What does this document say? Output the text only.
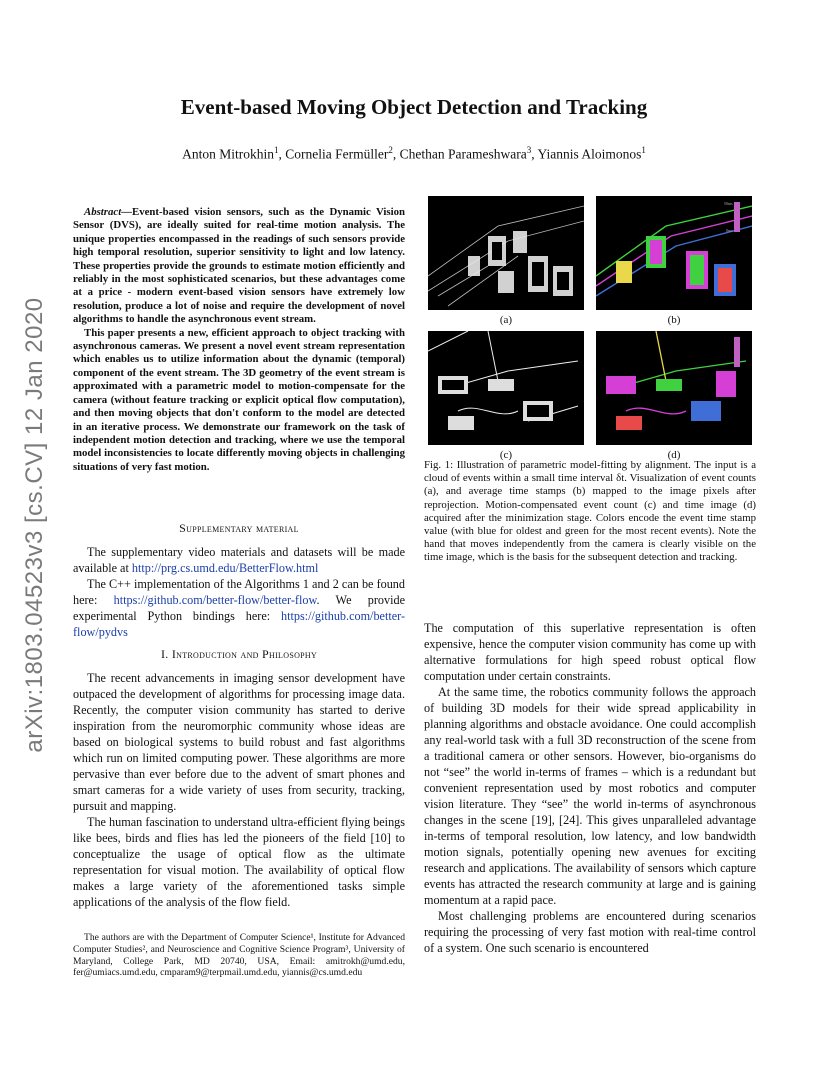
arXiv:1803.04523v3 [cs.CV] 12 Jan 2020
Event-based Moving Object Detection and Tracking
Anton Mitrokhin$^1$, Cornelia Fermüller$^2$, Chethan Parameshwara$^3$, Yiannis Aloimonos$^1$

Abstract—Event-based vision sensors, such as the Dynamic Vision Sensor (DVS), are ideally suited for real-time motion analysis. The unique properties encompassed in the readings of such sensors provide high temporal resolution, superior sensitivity to light and low latency. These properties provide the grounds to estimate motion efficiently and reliably in the most sophisticated scenarios, but these advantages come at a price - modern event-based vision sensors have extremely low resolution, produce a lot of noise and require the development of novel algorithms to handle the asynchronous event stream.

This paper presents a new, efficient approach to object tracking with asynchronous cameras. We present a novel event stream representation which enables us to utilize information about the dynamic (temporal) component of the event stream. The 3D geometry of the event stream is approximated with a parametric model to motion-compensate for the camera (without feature tracking or explicit optical flow computation), and then moving objects that don't conform to the model are detected in an iterative process. We demonstrate our framework on the task of independent motion detection and tracking, where we use the temporal model inconsistencies to locate differently moving objects in challenging situations of very fast motion.

Supplementary material

The supplementary video materials and datasets will be made available at http://prg.cs.umd.edu/BetterFlow.html

The C++ implementation of the Algorithms 1 and 2 can be found here: https://github.com/better-flow/better-flow. We provide experimental Python bindings here: https://github.com/better-flow/pydvs

I. Introduction and Philosophy

The recent advancements in imaging sensor development have outpaced the development of algorithms for processing image data. Recently, the computer vision community has started to derive inspiration from the neuromorphic community whose ideas are based on biological systems to build robust and fast algorithms which run on limited computing power. These algorithms are more pervasive than ever before due to the advent of smart phones and smart cameras for a wide variety of uses from security, tracking, pursuit and mapping.

The human fascination to understand ultra-efficient flying beings like bees, birds and flies has led the pioneers of the field [10] to conceptualize the usage of optical flow as the ultimate representation for visual motion. The availability of optical flow makes a large variety of the aforementioned tasks simple applications of the analysis of the flow field.

The authors are with the Department of Computer Science¹, Institute for Advanced Computer Studies², and Neuroscience and Cognitive Science Program³, University of Maryland, College Park, MD 20740, USA, Email: amitrokh@umd.edu, fer@umiacs.umd.edu, cmparam9@terpmail.umd.edu, yiannis@cs.umd.edu

50ms
0ms
(a)	(b)
(c)	(d)
Fig. 1: Illustration of parametric model-fitting by alignment. The input is a cloud of events within a small time interval δt. Visualization of event counts (a), and average time stamps (b) mapped to the image pixels after reprojection. Motion-compensated event count (c) and time image (d) acquired after the minimization stage. Colors encode the event time stamp value (with blue for oldest and green for the most recent events). Note the hand that moves independently from the camera is clearly visible on the time image, which is the basis for the subsequent detection and tracking.

The computation of this superlative representation is often expensive, hence the computer vision community has come up with alternative formulations for high speed robust optical flow computation under certain constraints.

At the same time, the robotics community follows the approach of building 3D models for their wide spread applicability in planning algorithms and obstacle avoidance. One could accomplish any real-world task with a full 3D reconstruction of the scene from a traditional camera or other sensors. However, bio-organisms do not “see” the world in-terms of frames – which is a redundant but convenient representation used by most robotics and computer vision literature. They “see” the world in-terms of asynchronous changes in the scene [19], [24]. This gives unparalleled advantage in-terms of temporal resolution, low latency, and low bandwidth motion signals, potentially opening new avenues for exciting research and applications. The availability of sensors which capture events has attracted the research community at large and is gaining momentum at a rapid pace.

Most challenging problems are encountered during scenarios requiring the processing of very fast motion with real-time control of a system. One such scenario is encountered
